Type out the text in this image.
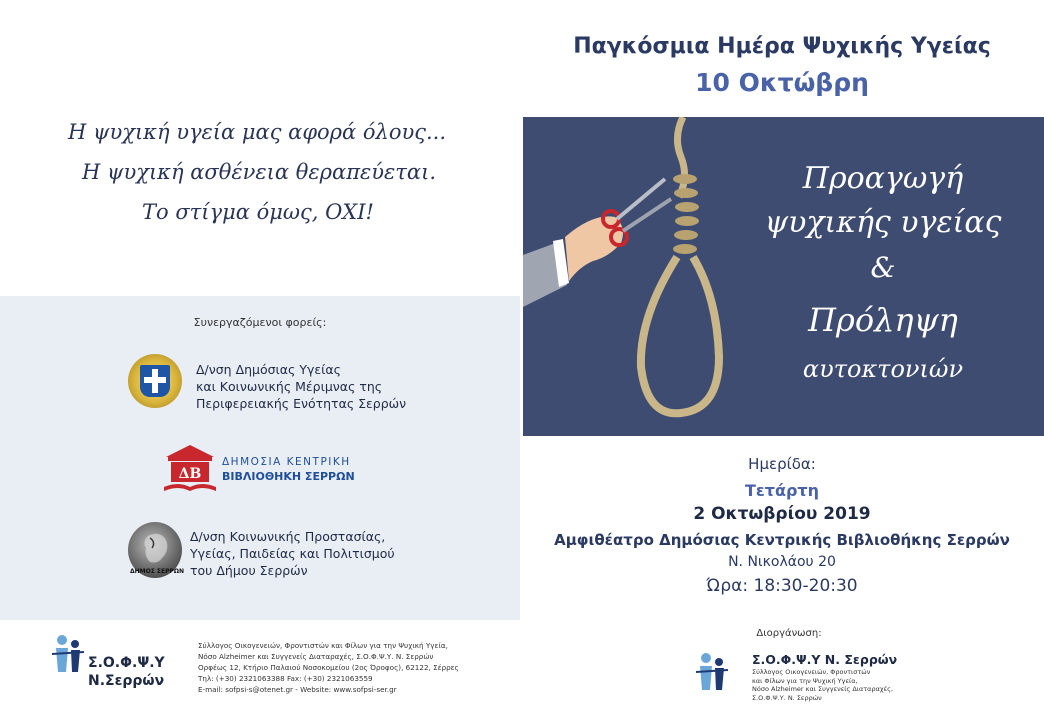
Η ψυχική υγεία μας αφορά όλους...
Η ψυχική ασθένεια θεραπεύεται.
Το στίγμα όμως, ΟΧΙ!
Συνεργαζόμενοι φορείς:
Δ/νση Δημόσιας Υγείας
και Κοινωνικής Μέριμνας της
Περιφερειακής Ενότητας Σερρών
ΔΒ
ΔΗΜΟΣΙΑ ΚΕΝΤΡΙΚΗ
ΒΙΒΛΙΟΘΗΚΗ ΣΕΡΡΩΝ
ΔΗΜΟΣ ΣΕΡΡΩΝ
Δ/νση Κοινωνικής Προστασίας,
Υγείας, Παιδείας και Πολιτισμού
του Δήμου Σερρών
Σ.Ο.Φ.Ψ.Υ
Ν.Σερρών
Σύλλογος Οικογενειών, Φροντιστών και Φίλων για την Ψυχική Υγεία,
Νόσο Alzheimer και Συγγενείς Διαταραχές, Σ.Ο.Φ.Ψ.Υ. Ν. Σερρών
Ορφέως 12, Κτήριο Παλαιού Νοσοκομείου (2ος Όροφος), 62122, Σέρρες
Τηλ: (+30) 2321063388 Fax: (+30) 2321063559
E-mail: sofpsi-s@otenet.gr - Website: www.sofpsi-ser.gr
Παγκόσμια Ημέρα Ψυχικής Υγείας
10 Οκτώβρη
Προαγωγή
ψυχικής υγείας
&
Πρόληψη
αυτοκτονιών
Ημερίδα:
Τετάρτη
2 Οκτωβρίου 2019
Αμφιθέατρο Δημόσιας Κεντρικής Βιβλιοθήκης Σερρών
Ν. Νικολάου 20
Ώρα: 18:30-20:30
Διοργάνωση:
Σ.Ο.Φ.Ψ.Υ Ν. Σερρών
Σύλλογος Οικογενειών, Φροντιστών
και Φίλων για την Ψυχική Υγεία,
Νόσο Alzheimer και Συγγενείς Διαταραχές,
Σ.Ο.Φ.Ψ.Υ. Ν. Σερρών
